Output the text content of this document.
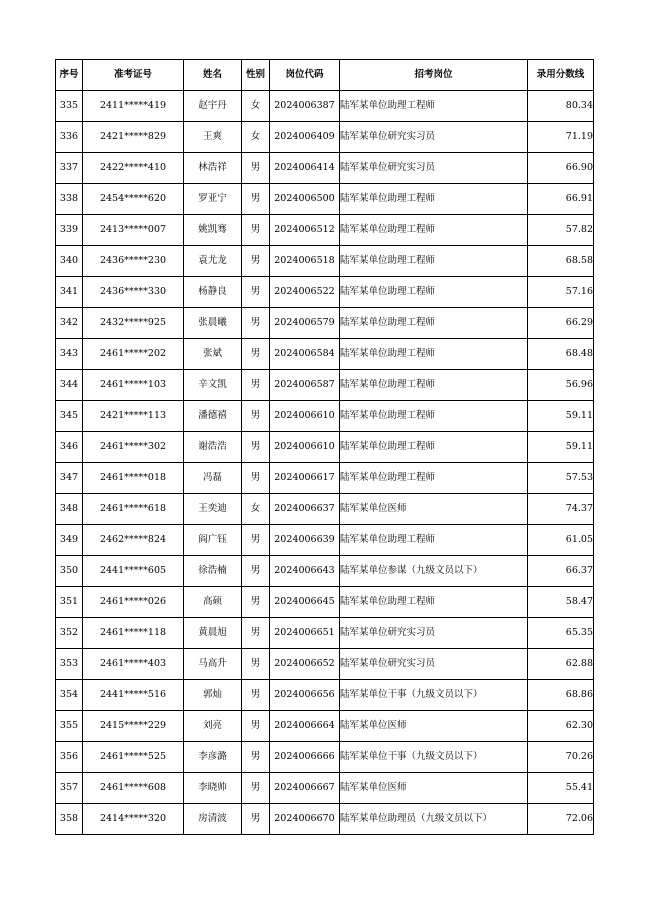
序号	准考证号	姓名	性别	岗位代码	招考岗位	录用分数线
335	2411*****419	赵宇丹	女	2024006387	陆军某单位助理工程师	80.34
336	2421*****829	王爽	女	2024006409	陆军某单位研究实习员	71.19
337	2422*****410	林浩祥	男	2024006414	陆军某单位研究实习员	66.90
338	2454*****620	罗亚宁	男	2024006500	陆军某单位助理工程师	66.91
339	2413*****007	姚凯骞	男	2024006512	陆军某单位助理工程师	57.82
340	2436*****230	袁尤龙	男	2024006518	陆军某单位助理工程师	68.58
341	2436*****330	杨静良	男	2024006522	陆军某单位助理工程师	57.16
342	2432*****925	张晨曦	男	2024006579	陆军某单位助理工程师	66.29
343	2461*****202	张斌	男	2024006584	陆军某单位助理工程师	68.48
344	2461*****103	辛文凯	男	2024006587	陆军某单位助理工程师	56.96
345	2421*****113	潘德禧	男	2024006610	陆军某单位助理工程师	59.11
346	2461*****302	谢浩浩	男	2024006610	陆军某单位助理工程师	59.11
347	2461*****018	冯磊	男	2024006617	陆军某单位助理工程师	57.53
348	2461*****618	王奕迪	女	2024006637	陆军某单位医师	74.37
349	2462*****824	阎广钰	男	2024006639	陆军某单位助理工程师	61.05
350	2441*****605	徐浩楠	男	2024006643	陆军某单位参谋（九级文员以下）	66.37
351	2461*****026	高硕	男	2024006645	陆军某单位助理工程师	58.47
352	2461*****118	黄晨旭	男	2024006651	陆军某单位研究实习员	65.35
353	2461*****403	马高升	男	2024006652	陆军某单位研究实习员	62.88
354	2441*****516	郭灿	男	2024006656	陆军某单位干事（九级文员以下）	68.86
355	2415*****229	刘亮	男	2024006664	陆军某单位医师	62.30
356	2461*****525	李彦潞	男	2024006666	陆军某单位干事（九级文员以下）	70.26
357	2461*****608	李晓帅	男	2024006667	陆军某单位医师	55.41
358	2414*****320	房清波	男	2024006670	陆军某单位助理员（九级文员以下）	72.06
